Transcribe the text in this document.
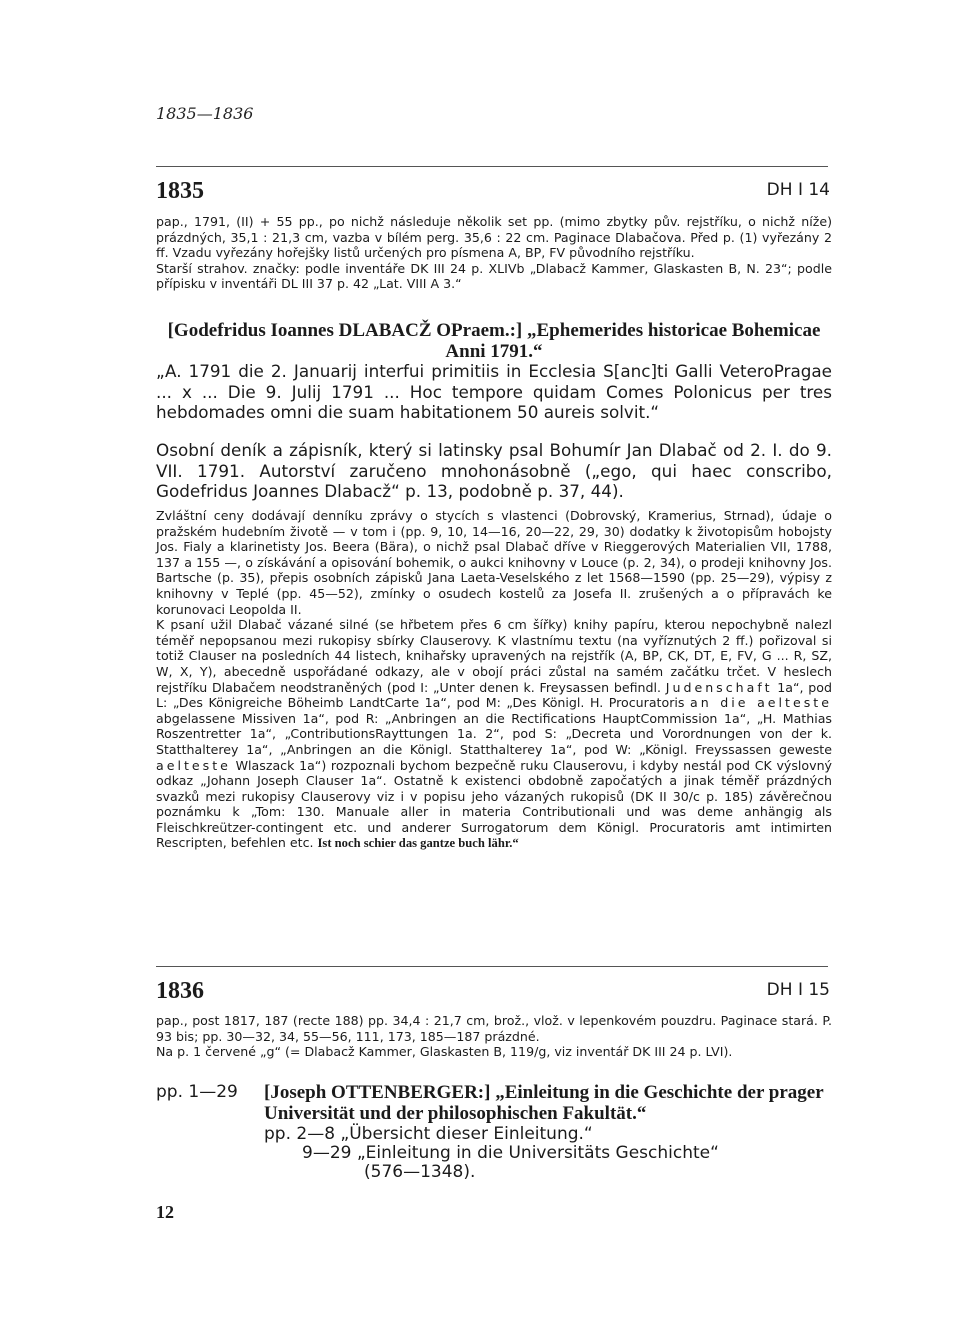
1835—1836
1835	DH I 14

pap., 1791, (II) + 55 pp., po nichž následuje několik set pp. (mimo zbytky pův. rejstříku, o nichž níže) prázdných, 35,1 : 21,3 cm, vazba v bílém perg. 35,6 : 22 cm. Paginace Dlabačova. Před p. (1) vyřezány 2 ff. Vzadu vyřezány hořejšky listů určených pro písmena A, BP, FV původního rejstříku.

Starší strahov. značky: podle inventáře DK III 24 p. XLIVb „Dlabacž Kammer, Glaskasten B, N. 23“; podle přípisku v inventáři DL III 37 p. 42 „Lat. VIII A 3.“

[Godefridus Ioannes DLABACŽ OPraem.:] „Ephemerides historicae Bohemicae Anni 1791.“

„A. 1791 die 2. Januarij interfui primitiis in Ecclesia S[anc]ti Galli VeteroPragae ... x ... Die 9. Julij 1791 ... Hoc tempore quidam Comes Polonicus per tres hebdomades omni die suam habitationem 50 aureis solvit.“

Osobní deník a zápisník, který si latinsky psal Bohumír Jan Dlabač od 2. I. do 9. VII. 1791. Autorství zaručeno mnohonásobně („ego, qui haec conscribo, Godefridus Joannes Dlabacž“ p. 13, podobně p. 37, 44).

Zvláštní ceny dodávají denníku zprávy o stycích s vlastenci (Dobrovský, Kramerius, Strnad), údaje o pražském hudebním životě — v tom i (pp. 9, 10, 14—16, 20—22, 29, 30) dodatky k životopisům hobojsty Jos. Fialy a klarinetisty Jos. Beera (Bära), o nichž psal Dlabač dříve v Rieggerových Materialien VII, 1788, 137 a 155 —, o získávání a opisování bohemik, o aukci knihovny v Louce (p. 2, 34), o prodeji knihovny Jos. Bartsche (p. 35), přepis osobních zápisků Jana Laeta-Veselského z let 1568—1590 (pp. 25—29), výpisy z knihovny v Teplé (pp. 45—52), zmínky o osudech kostelů za Josefa II. zrušených a o přípravách ke korunovaci Leopolda II.

K psaní užil Dlabač vázané silné (se hřbetem přes 6 cm šířky) knihy papíru, kterou nepochybně nalezl téměř nepopsanou mezi rukopisy sbírky Clauserovy. K vlastnímu textu (na vyříznutých 2 ff.) pořizoval si totiž Clauser na posledních 44 listech, knihařsky upravených na rejstřík (A, BP, CK, DT, E, FV, G ... R, SZ, W, X, Y), abecedně uspořádané odkazy, ale v obojí práci zůstal na samém začátku trčet. V heslech rejstříku Dlabačem neodstraněných (pod I: „Unter denen k. Freysassen befindl. Judenschaft 1a“, pod L: „Des Königreiche Böheimb LandtCarte 1a“, pod M: „Des Königl. H. Procuratoris an die aelteste abgelassene Missiven 1a“, pod R: „Anbringen an die Rectifications HauptCommission 1a“, „H. Mathias Roszentretter 1a“, „ContributionsRayttungen 1a. 2“, pod S: „Decreta und Vorordnungen von der k. Statthalterey 1a“, „Anbringen an die Königl. Statthalterey 1a“, pod W: „Königl. Freyssassen geweste aelteste Wlaszack 1a“) rozpoznali bychom bezpečně ruku Clauserovu, i kdyby nestál pod CK výslovný odkaz „Johann Joseph Clauser 1a“. Ostatně k existenci obdobně započatých a jinak téměř prázdných svazků mezi rukopisy Clauserovy viz i v popisu jeho vázaných rukopisů (DK II 30/c p. 185) závěrečnou poznámku k „Tom: 130. Manuale aller in materia Contributionali und was deme anhängig als Fleischkreützer-contingent etc. und anderer Surrogatorum dem Königl. Procuratoris amt intimirten Rescripten, befehlen etc. Ist noch schier das gantze buch lähr.“

1836	DH I 15

pap., post 1817, 187 (recte 188) pp. 34,4 : 21,7 cm, brož., vlož. v lepenkovém pouzdru. Paginace stará. P. 93 bis; pp. 30—32, 34, 55—56, 111, 173, 185—187 prázdné.

Na p. 1 červené „g“ (= Dlabacž Kammer, Glaskasten B, 119/g, viz inventář DK III 24 p. LVI).

pp. 1—29 [Joseph OTTENBERGER:] „Einleitung in die Geschichte der prager Universität und der philosophischen Fakultät.“
pp. 2—8 „Übersicht dieser Einleitung.“
9—29 „Einleitung in die Universitäts Geschichte“
(576—1348).
12
